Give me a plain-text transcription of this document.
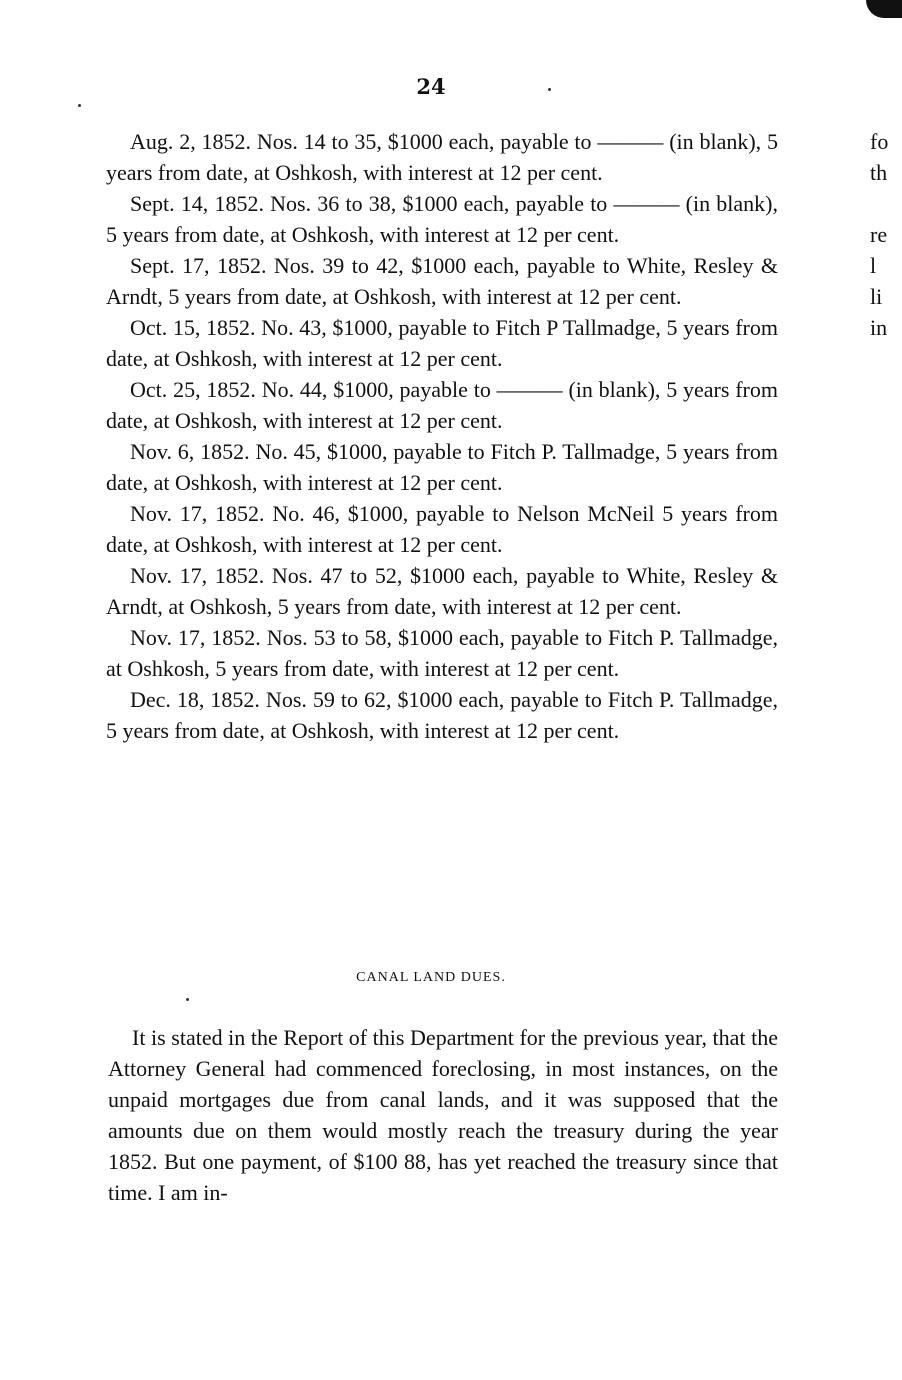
24

Aug. 2, 1852. Nos. 14 to 35, $1000 each, payable to ——— (in blank), 5 years from date, at Oshkosh, with interest at 12 per cent.

Sept. 14, 1852. Nos. 36 to 38, $1000 each, payable to ——— (in blank), 5 years from date, at Oshkosh, with interest at 12 per cent.

Sept. 17, 1852. Nos. 39 to 42, $1000 each, payable to White, Resley & Arndt, 5 years from date, at Oshkosh, with interest at 12 per cent.

Oct. 15, 1852. No. 43, $1000, payable to Fitch P Tallmadge, 5 years from date, at Oshkosh, with interest at 12 per cent.

Oct. 25, 1852. No. 44, $1000, payable to ——— (in blank), 5 years from date, at Oshkosh, with interest at 12 per cent.

Nov. 6, 1852. No. 45, $1000, payable to Fitch P. Tallmadge, 5 years from date, at Oshkosh, with interest at 12 per cent.

Nov. 17, 1852. No. 46, $1000, payable to Nelson McNeil 5 years from date, at Oshkosh, with interest at 12 per cent.

Nov. 17, 1852. Nos. 47 to 52, $1000 each, payable to White, Resley & Arndt, at Oshkosh, 5 years from date, with interest at 12 per cent.

Nov. 17, 1852. Nos. 53 to 58, $1000 each, payable to Fitch P. Tallmadge, at Oshkosh, 5 years from date, with interest at 12 per cent.

Dec. 18, 1852. Nos. 59 to 62, $1000 each, payable to Fitch P. Tallmadge, 5 years from date, at Oshkosh, with interest at 12 per cent.

CANAL LAND DUES.

It is stated in the Report of this Department for the previous year, that the Attorney General had commenced foreclosing, in most instances, on the unpaid mortgages due from canal lands, and it was supposed that the amounts due on them would mostly reach the treasury during the year 1852. But one payment, of $100 88, has yet reached the treasury since that time. I am in-

fo
th
re
l
li
in
